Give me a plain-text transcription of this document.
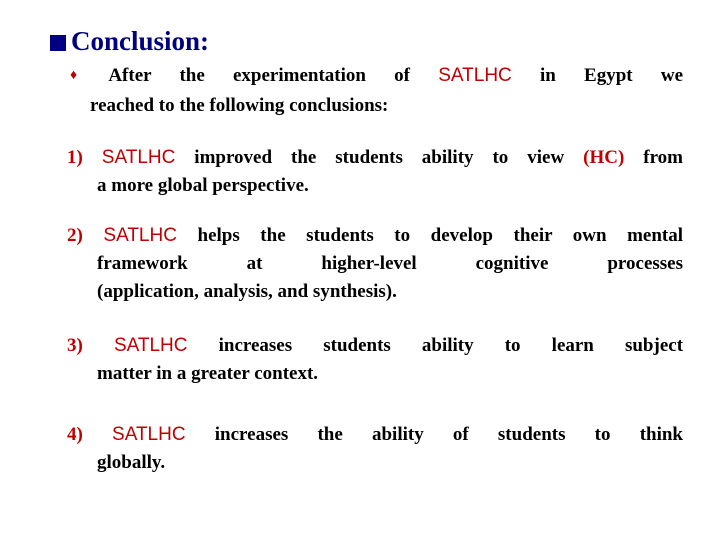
Conclusion:
♦ After the experimentation of SATLHC in Egypt we
reached to the following conclusions:
1) SATLHC improved the students ability to view (HC) from
a more global perspective.
2) SATLHC helps the students to develop their own mental
framework at higher-level cognitive processes
(application, analysis, and synthesis).
3) SATLHC increases students ability to learn subject
matter in a greater context.
4) SATLHC increases the ability of students to think
globally.
